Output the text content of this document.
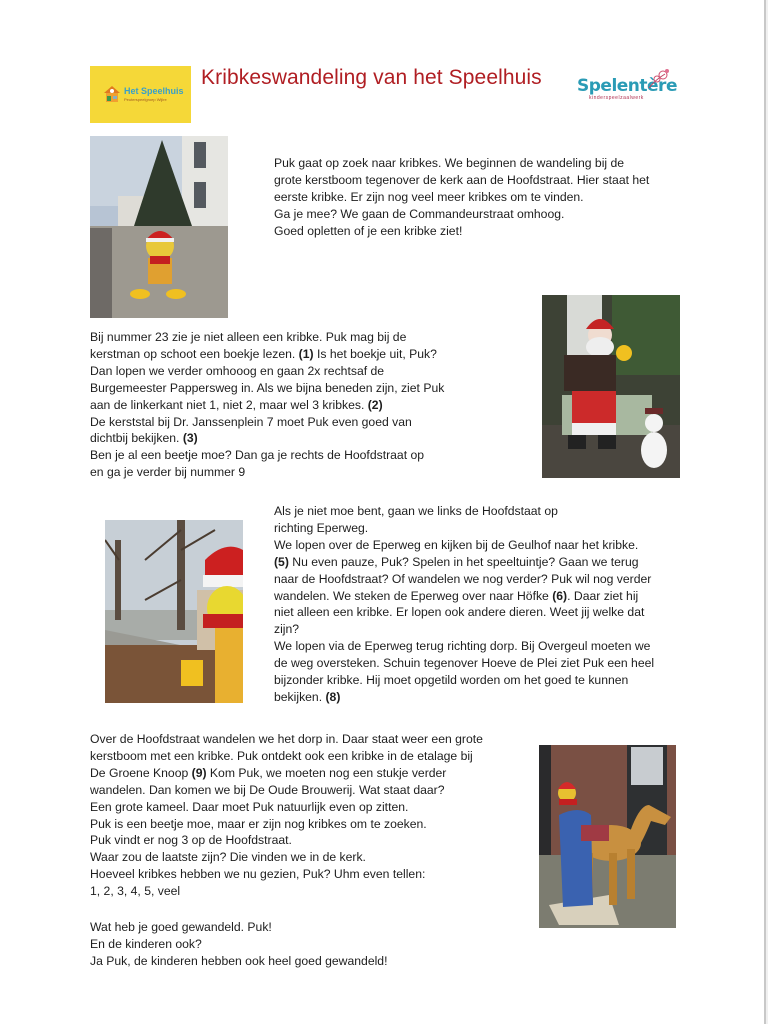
Het Speelhuis
Peuterspeelgroep Wijlre
Kribkeswandeling van het Speelhuis Spelentère
kinderspeelzaalwerk
Puk gaat op zoek naar kribkes. We beginnen de wandeling bij de
grote kerstboom tegenover de kerk aan de Hoofdstraat. Hier staat het
eerste kribke. Er zijn nog veel meer kribkes om te vinden.
Ga je mee? We gaan de Commandeurstraat omhoog.
Goed opletten of je een kribke ziet!
Bij nummer 23 zie je niet alleen een kribke. Puk mag bij de
kerstman op schoot een boekje lezen. (1) Is het boekje uit, Puk?
Dan lopen we verder omhooog en gaan 2x rechtsaf de
Burgemeester Pappersweg in. Als we bijna beneden zijn, ziet Puk
aan de linkerkant niet 1, niet 2, maar wel 3 kribkes. (2)
De kerststal bij Dr. Janssenplein 7 moet Puk even goed van
dichtbij bekijken. (3)
Ben je al een beetje moe? Dan ga je rechts de Hoofdstraat op
en ga je verder bij nummer 9
Als je niet moe bent, gaan we links de Hoofdstaat op
richting Eperweg.
We lopen over de Eperweg en kijken bij de Geulhof naar het kribke.
(5) Nu even pauze, Puk? Spelen in het speeltuintje? Gaan we terug
naar de Hoofdstraat? Of wandelen we nog verder? Puk wil nog verder
wandelen. We steken de Eperweg over naar Höfke (6). Daar ziet hij
niet alleen een kribke. Er lopen ook andere dieren. Weet jij welke dat
zijn?
We lopen via de Eperweg terug richting dorp. Bij Overgeul moeten we
de weg oversteken. Schuin tegenover Hoeve de Plei ziet Puk een heel
bijzonder kribke. Hij moet opgetild worden om het goed te kunnen
bekijken. (8)
Over de Hoofdstraat wandelen we het dorp in. Daar staat weer een grote
kerstboom met een kribke. Puk ontdekt ook een kribke in de etalage bij
De Groene Knoop (9) Kom Puk, we moeten nog een stukje verder
wandelen. Dan komen we bij De Oude Brouwerij. Wat staat daar?
Een grote kameel. Daar moet Puk natuurlijk even op zitten.
Puk is een beetje moe, maar er zijn nog kribkes om te zoeken.
Puk vindt er nog 3 op de Hoofdstraat.
Waar zou de laatste zijn? Die vinden we in de kerk.
Hoeveel kribkes hebben we nu gezien, Puk? Uhm even tellen:
1, 2, 3, 4, 5, veel
Wat heb je goed gewandeld. Puk!
En de kinderen ook?
Ja Puk, de kinderen hebben ook heel goed gewandeld!
